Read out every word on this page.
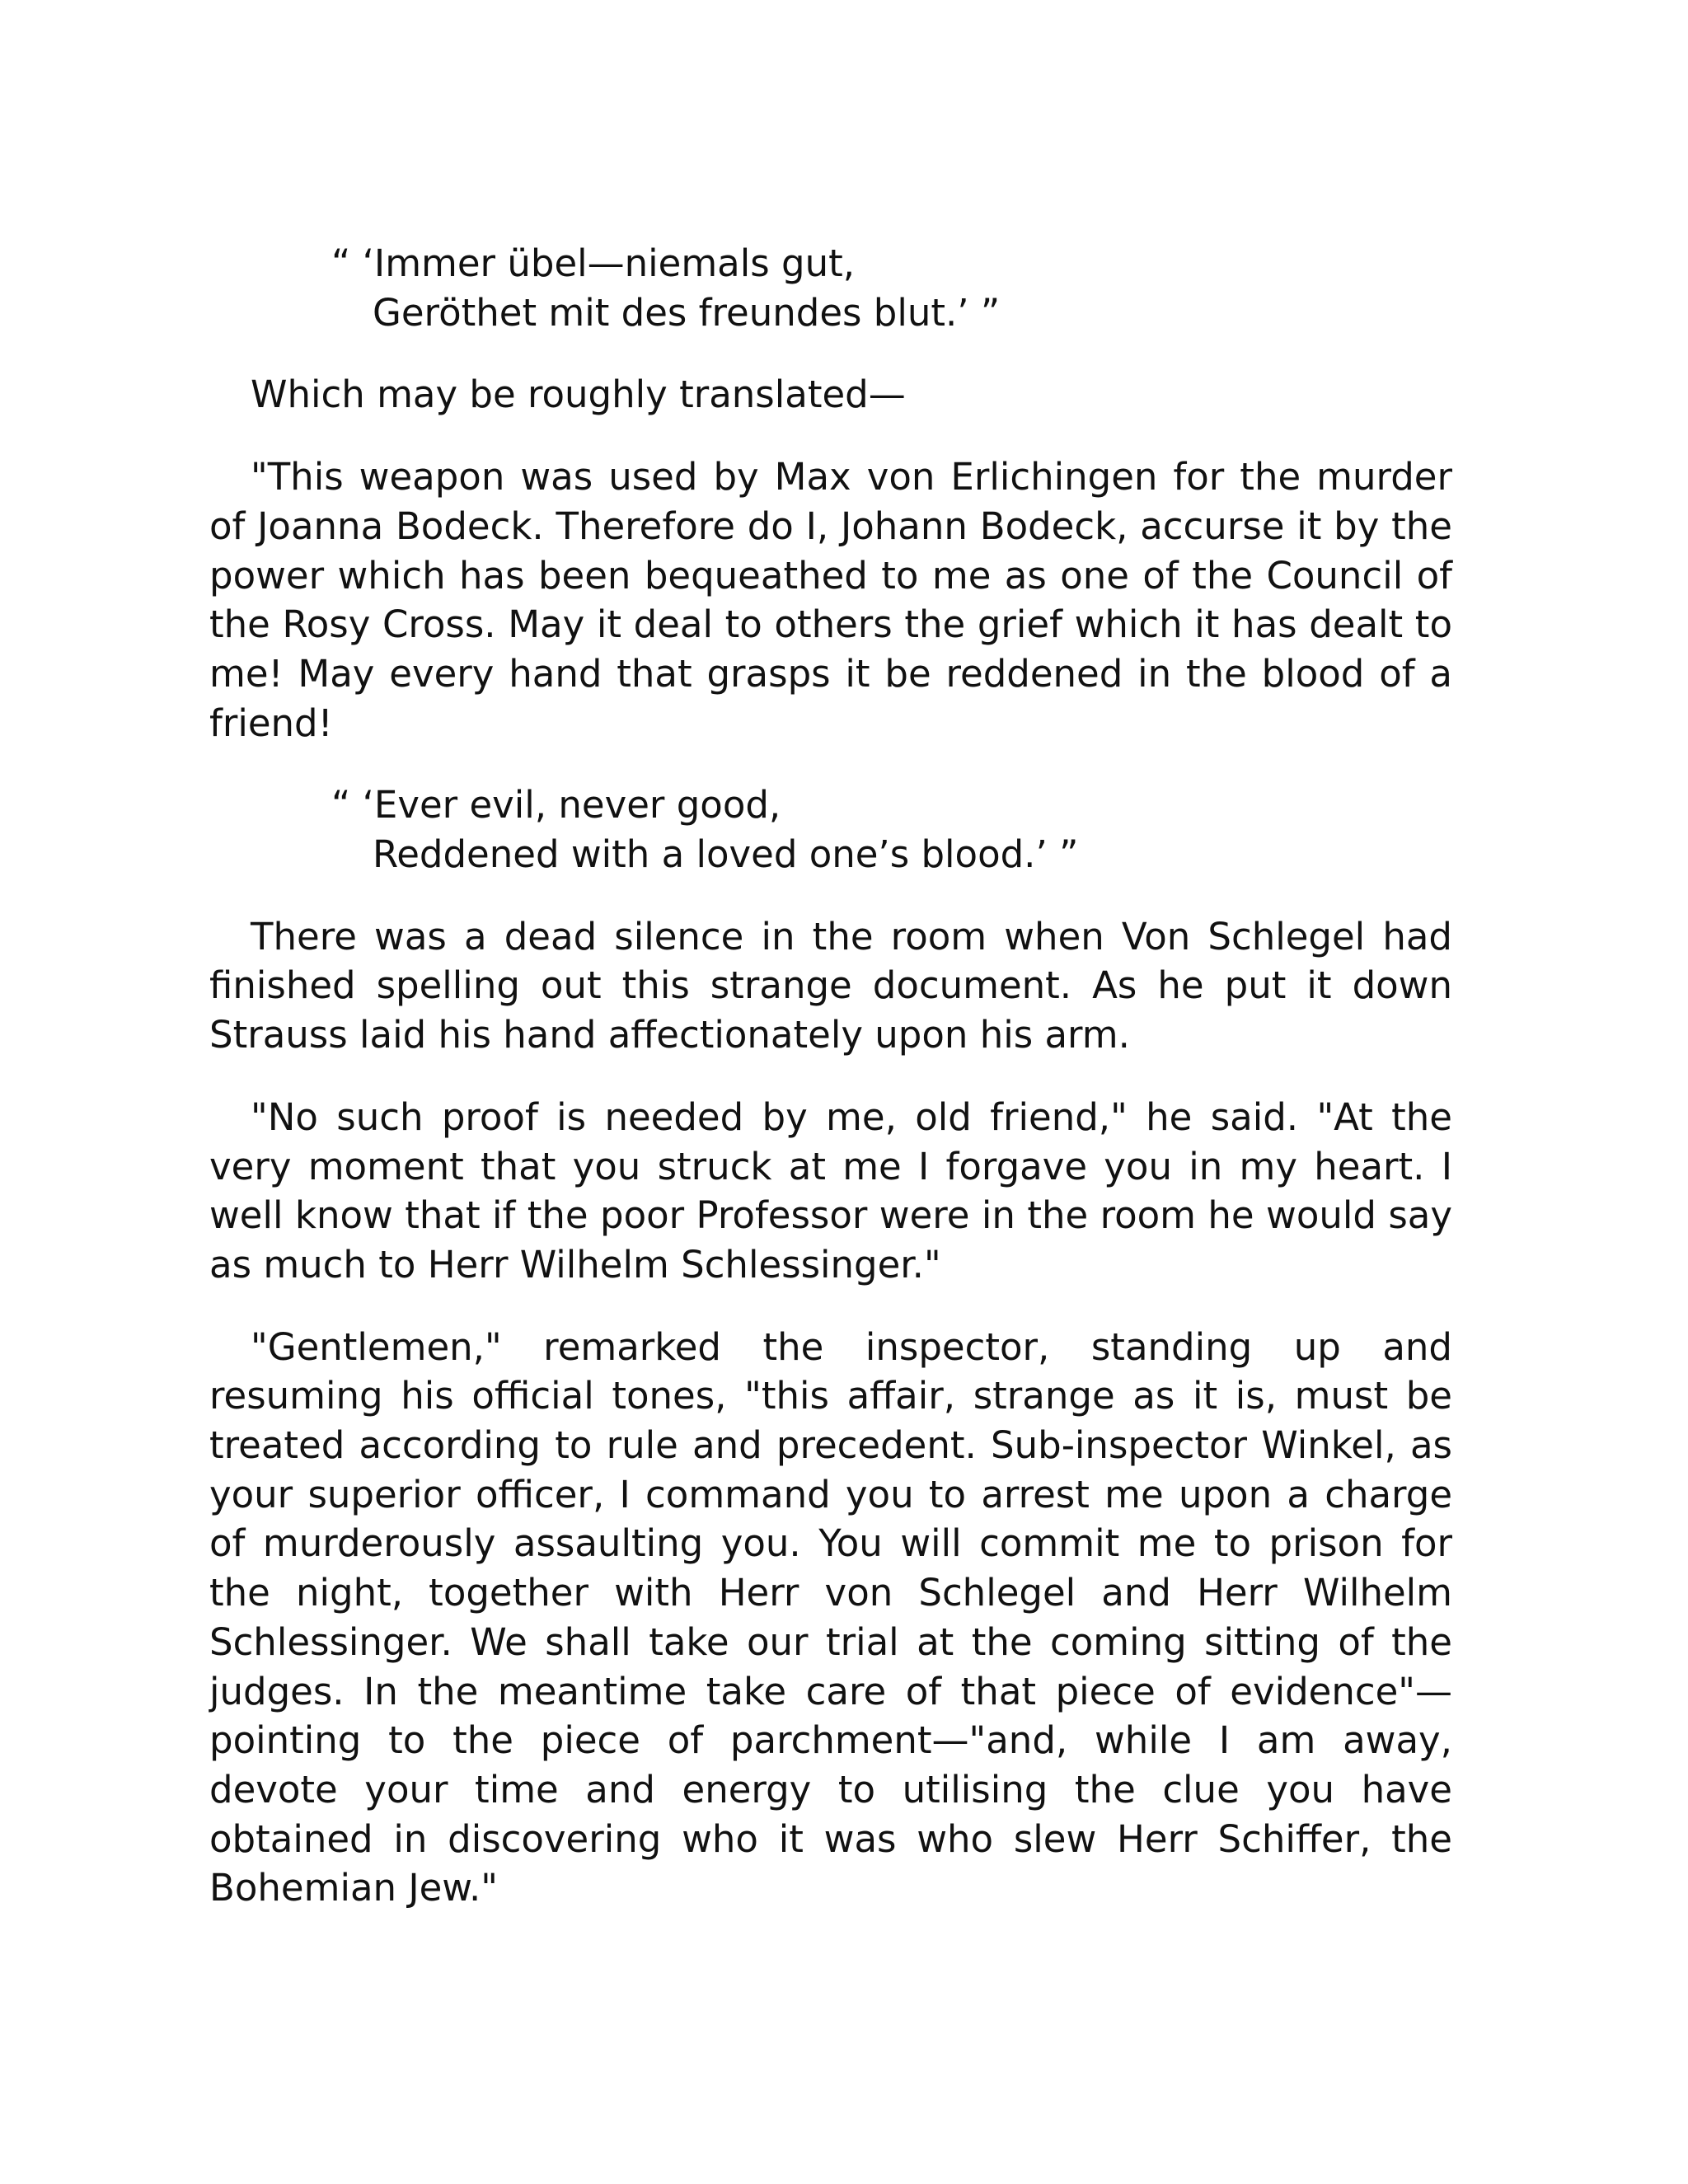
“ ‘Immer übel—niemals gut,
Geröthet mit des freundes blut.’ ”

Which may be roughly translated—

"This weapon was used by Max von Erlichingen for the murder of Joanna Bodeck. Therefore do I, Johann Bodeck, accurse it by the power which has been bequeathed to me as one of the Council of the Rosy Cross. May it deal to others the grief which it has dealt to me! May every hand that grasps it be reddened in the blood of a friend!

“ ‘Ever evil, never good,
Reddened with a loved one’s blood.’ ”

There was a dead silence in the room when Von Schlegel had finished spelling out this strange document. As he put it down Strauss laid his hand affectionately upon his arm.

"No such proof is needed by me, old friend," he said. "At the very moment that you struck at me I forgave you in my heart. I well know that if the poor Professor were in the room he would say as much to Herr Wilhelm Schlessinger."

"Gentlemen," remarked the inspector, standing up and resuming his official tones, "this affair, strange as it is, must be treated according to rule and precedent. Sub-inspector Winkel, as your superior officer, I command you to arrest me upon a charge of murderously assaulting you. You will commit me to prison for the night, together with Herr von Schlegel and Herr Wilhelm Schlessinger. We shall take our trial at the coming sitting of the judges. In the meantime take care of that piece of evidence"—pointing to the piece of parchment—"and, while I am away, devote your time and energy to utilising the clue you have obtained in discovering who it was who slew Herr Schiffer, the Bohemian Jew."
